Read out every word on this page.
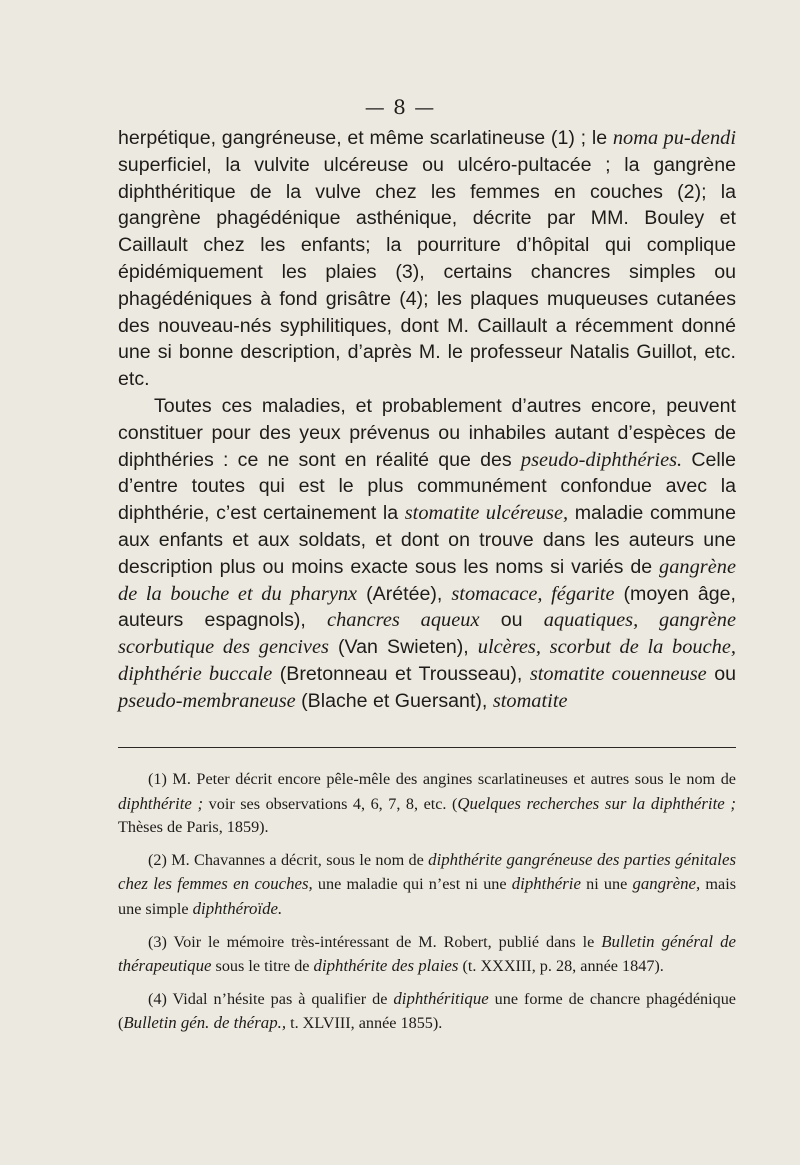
— 8 —

herpétique, gangréneuse, et même scarlatineuse (1) ; le noma pu-dendi superficiel, la vulvite ulcéreuse ou ulcéro-pultacée ; la gangrène diphthéritique de la vulve chez les femmes en couches (2); la gangrène phagédénique asthénique, décrite par MM. Bouley et Caillault chez les enfants; la pourriture d’hôpital qui complique épidémiquement les plaies (3), certains chancres simples ou phagédéniques à fond grisâtre (4); les plaques muqueuses cutanées des nouveau-nés syphilitiques, dont M. Caillault a récemment donné une si bonne description, d’après M. le professeur Natalis Guillot, etc. etc.

Toutes ces maladies, et probablement d’autres encore, peuvent constituer pour des yeux prévenus ou inhabiles autant d’espèces de diphthéries : ce ne sont en réalité que des pseudo-diphthéries. Celle d’entre toutes qui est le plus communément confondue avec la diphthérie, c’est certainement la stomatite ulcéreuse, maladie commune aux enfants et aux soldats, et dont on trouve dans les auteurs une description plus ou moins exacte sous les noms si variés de gangrène de la bouche et du pharynx (Arétée), stomacace, fégarite (moyen âge, auteurs espagnols), chancres aqueux ou aquatiques, gangrène scorbutique des gencives (Van Swieten), ulcères, scorbut de la bouche, diphthérie buccale (Bretonneau et Trousseau), stomatite couenneuse ou pseudo-membraneuse (Blache et Guersant), stomatite

(1) M. Peter décrit encore pêle-mêle des angines scarlatineuses et autres sous le nom de diphthérite ; voir ses observations 4, 6, 7, 8, etc. (Quelques recherches sur la diphthérite ; Thèses de Paris, 1859).

(2) M. Chavannes a décrit, sous le nom de diphthérite gangréneuse des parties génitales chez les femmes en couches, une maladie qui n’est ni une diphthérie ni une gangrène, mais une simple diphthéroïde.

(3) Voir le mémoire très-intéressant de M. Robert, publié dans le Bulletin général de thérapeutique sous le titre de diphthérite des plaies (t. XXXIII, p. 28, année 1847).

(4) Vidal n’hésite pas à qualifier de diphthéritique une forme de chancre phagédénique (Bulletin gén. de thérap., t. XLVIII, année 1855).
